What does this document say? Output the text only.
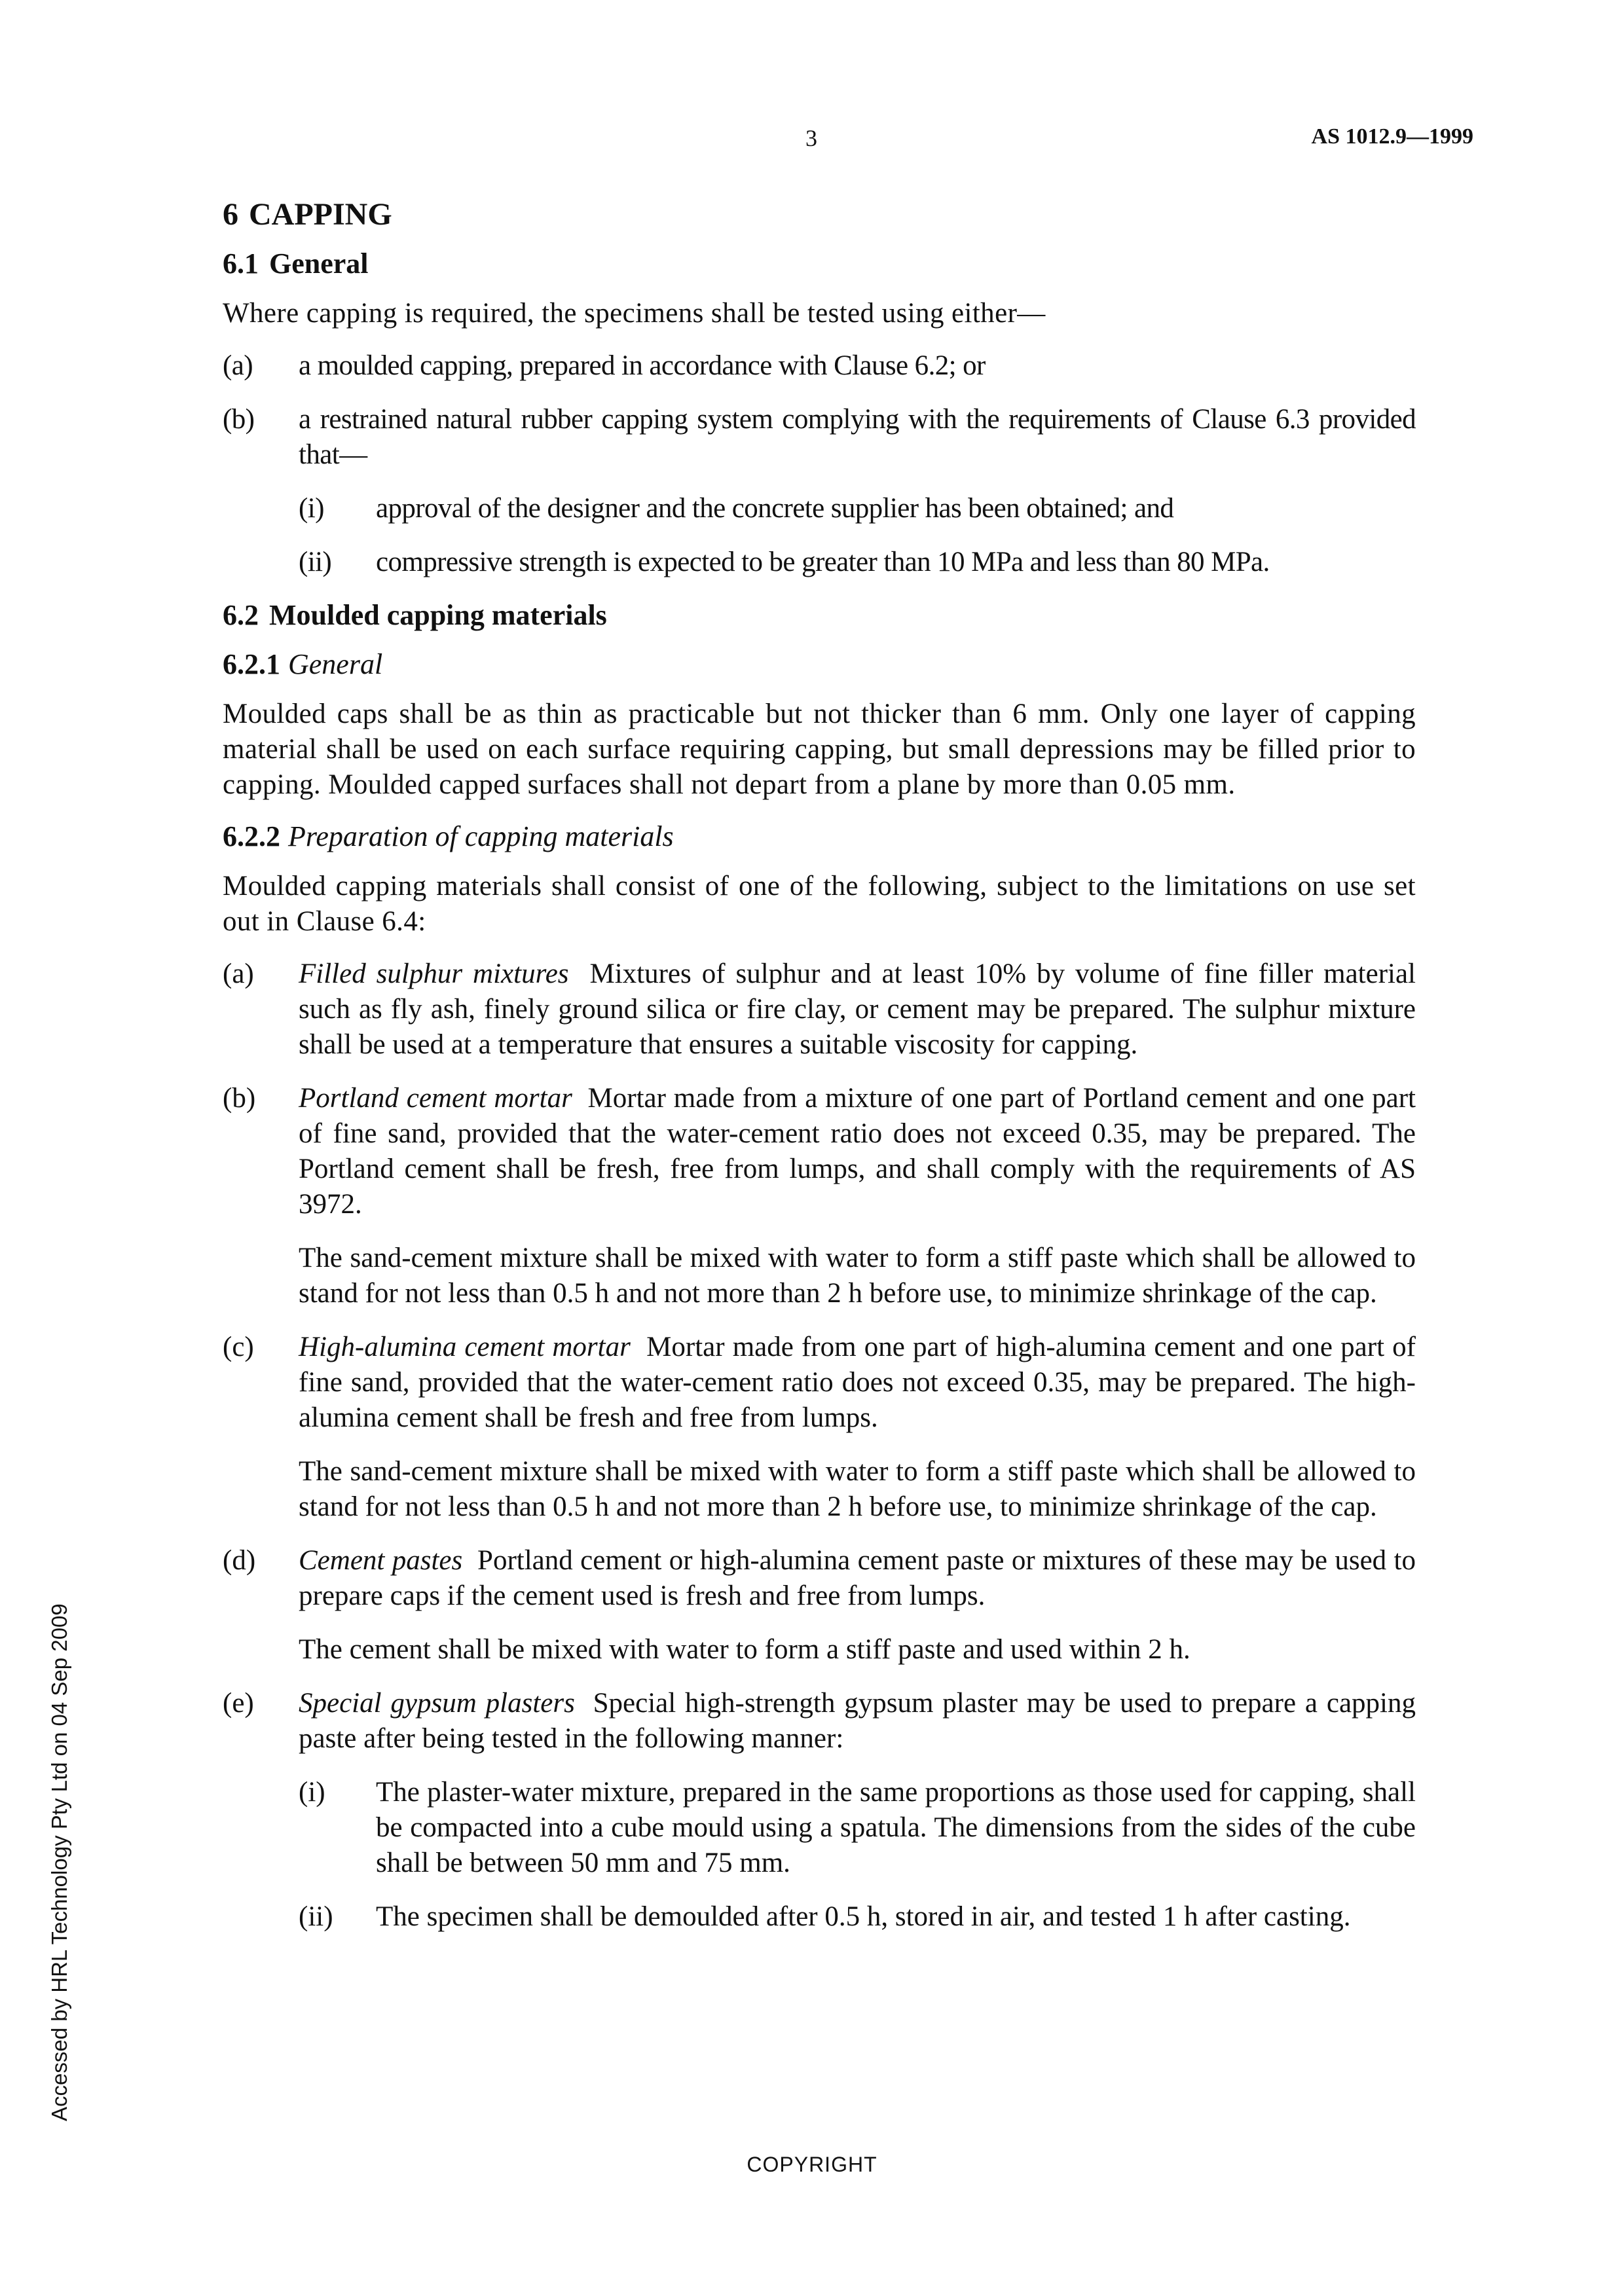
3	AS 1012.9—1999
6 CAPPING
6.1 General

Where capping is required, the specimens shall be tested using either—

(a)	a moulded capping, prepared in accordance with Clause 6.2; or
(b)	a restrained natural rubber capping system complying with the requirements of Clause 6.3 provided that—
(i)	approval of the designer and the concrete supplier has been obtained; and
(ii)	compressive strength is expected to be greater than 10 MPa and less than 80 MPa.
6.2 Moulded capping materials
6.2.1 General

Moulded caps shall be as thin as practicable but not thicker than 6 mm. Only one layer of capping material shall be used on each surface requiring capping, but small depressions may be filled prior to capping. Moulded capped surfaces shall not depart from a plane by more than 0.05 mm.

6.2.2 Preparation of capping materials

Moulded capping materials shall consist of one of the following, subject to the limitations on use set out in Clause 6.4:

(a)	Filled sulphur mixtures Mixtures of sulphur and at least 10% by volume of fine filler material such as fly ash, finely ground silica or fire clay, or cement may be prepared. The sulphur mixture shall be used at a temperature that ensures a suitable viscosity for capping.
(b)	Portland cement mortar Mortar made from a mixture of one part of Portland cement and one part of fine sand, provided that the water-cement ratio does not exceed 0.35, may be prepared. The Portland cement shall be fresh, free from lumps, and shall comply with the requirements of AS 3972.

The sand-cement mixture shall be mixed with water to form a stiff paste which shall be allowed to stand for not less than 0.5 h and not more than 2 h before use, to minimize shrinkage of the cap.

(c)	High-alumina cement mortar Mortar made from one part of high-alumina cement and one part of fine sand, provided that the water-cement ratio does not exceed 0.35, may be prepared. The high-alumina cement shall be fresh and free from lumps.

The sand-cement mixture shall be mixed with water to form a stiff paste which shall be allowed to stand for not less than 0.5 h and not more than 2 h before use, to minimize shrinkage of the cap.

(d)	Cement pastes Portland cement or high-alumina cement paste or mixtures of these may be used to prepare caps if the cement used is fresh and free from lumps.

The cement shall be mixed with water to form a stiff paste and used within 2 h.

(e)	Special gypsum plasters Special high-strength gypsum plaster may be used to prepare a capping paste after being tested in the following manner:
(i)	The plaster-water mixture, prepared in the same proportions as those used for capping, shall be compacted into a cube mould using a spatula. The dimensions from the sides of the cube shall be between 50 mm and 75 mm.
(ii)	The specimen shall be demoulded after 0.5 h, stored in air, and tested 1 h after casting.
COPYRIGHT
Accessed by HRL Technology Pty Ltd on 04 Sep 2009
